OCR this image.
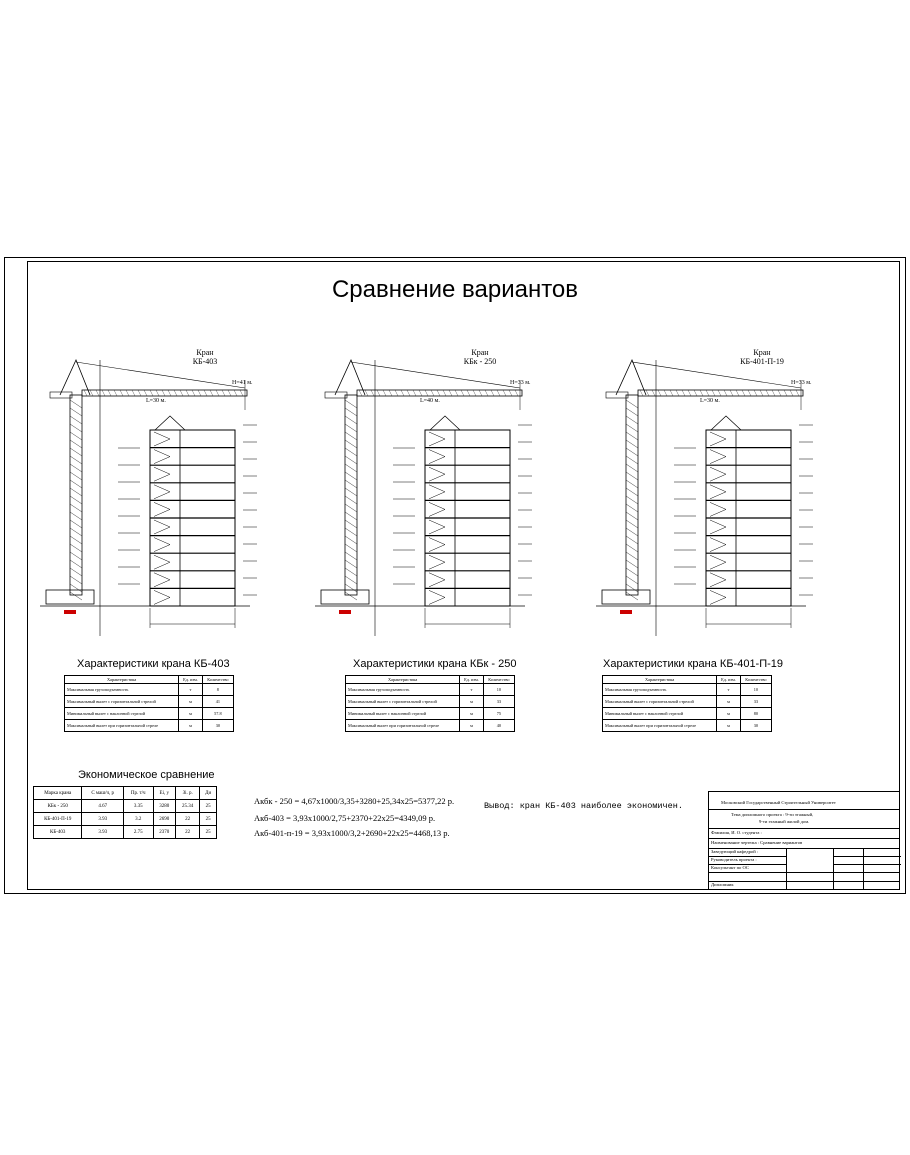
Сравнение вариантов
Кран
КБ-403
Кран
КБк - 250
Кран
КБ-401-П-19
Н=41 м.
L=30 м.
Н=33 м.
L=40 м.
Н=33 м.
L=30 м.
Характеристики крана КБ-403
Характеристика	Ед. изм.	Количество
Максимальная грузоподъемность	т	8
Максимальный вылет с горизонтальной стрелой	м	41
Минимальный вылет с наклонной стрелой	м	57.8
Максимальный вылет при горизонтальной стреле	м	30
Характеристики крана КБк - 250
Характеристика	Ед. изм.	Количество
Максимальная грузоподъемность	т	10
Максимальный вылет с горизонтальной стрелой	м	33
Минимальный вылет с наклонной стрелой	м	75
Максимальный вылет при горизонтальной стреле	м	40
Характеристики крана КБ-401-П-19
Характеристика	Ед. изм.	Количество
Максимальная грузоподъемность	т	10
Максимальный вылет с горизонтальной стрелой	м	33
Минимальный вылет с наклонной стрелой	м	80
Максимальный вылет при горизонтальной стреле	м	30
Экономическое сравнение
Марка крана	С маш/ч, р	Пр. т/ч	Еi, у	Зi. р.	Ди
КБк - 250	4.67	3.35	3280	25.34	25
КБ-401-П-19	3.93	3.2	2690	22	25
КБ-403	3.93	2.75	2370	22	25
Акбк - 250 = 4,67х1000/3,35+3280+25,34х25=5377,22 р.
Акб-403 = 3,93х1000/2,75+2370+22х25=4349,09 р.
Акб-401-п-19 = 3,93х1000/3,2+2690+22х25=4468,13 р.
Вывод: кран КБ-403 наиболее экономичен.	Московский Государственный Строительный Университет
Тема дипломного проекта : 9-ти этажный,
9-ти этажный жилой дом.
Фамилия, И. О. студента :
Наименование чертежа : Сравнение вариантов
Заведующий кафедрой :
Руководитель проекта :
Консультант по ОС
Дипломник
